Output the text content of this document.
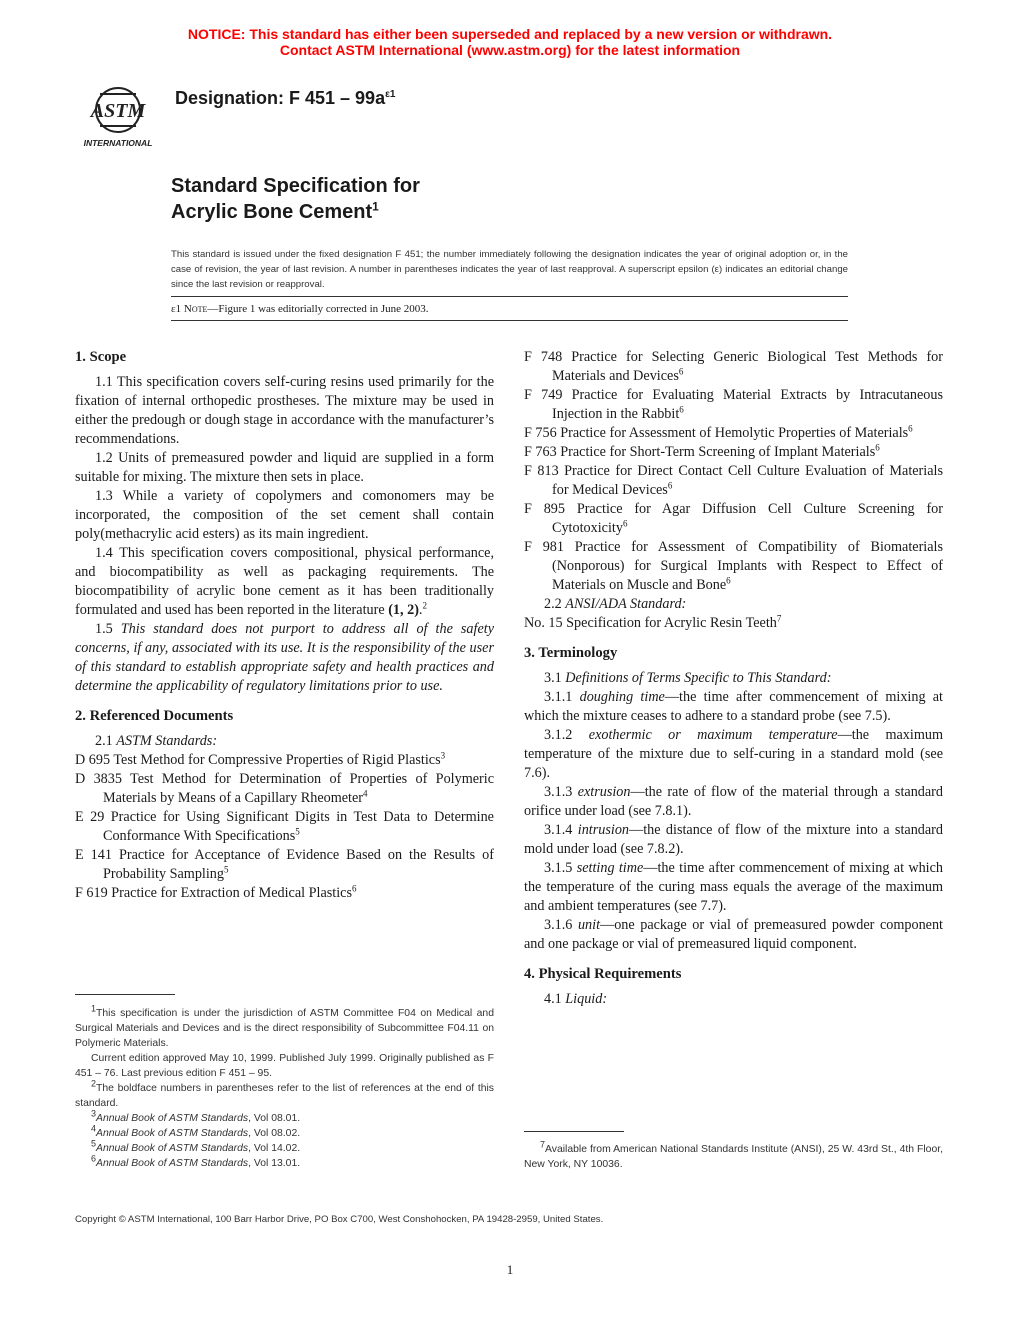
NOTICE: This standard has either been superseded and replaced by a new version or withdrawn.
Contact ASTM International (www.astm.org) for the latest information
ASTM
INTERNATIONAL
Designation: F $451 - 99a^{\varepsilon 1}$
Standard Specification for
Acrylic Bone Cement$^1$
This standard is issued under the fixed designation F 451; the number immediately following the designation indicates the year of original adoption or, in the case of revision, the year of last revision. A number in parentheses indicates the year of last reapproval. A superscript epsilon (ε) indicates an editorial change since the last revision or reapproval.
ε1 Note—Figure 1 was editorially corrected in June 2003.
1. Scope

1.1 This specification covers self-curing resins used primarily for the fixation of internal orthopedic prostheses. The mixture may be used in either the predough or dough stage in accordance with the manufacturer’s recommendations.

1.2 Units of premeasured powder and liquid are supplied in a form suitable for mixing. The mixture then sets in place.

1.3 While a variety of copolymers and comonomers may be incorporated, the composition of the set cement shall contain poly(methacrylic acid esters) as its main ingredient.

1.4 This specification covers compositional, physical performance, and biocompatibility as well as packaging requirements. The biocompatibility of acrylic bone cement as it has been traditionally formulated and used has been reported in the literature (1, 2).$^2$

1.5 This standard does not purport to address all of the safety concerns, if any, associated with its use. It is the responsibility of the user of this standard to establish appropriate safety and health practices and determine the applicability of regulatory limitations prior to use.

2. Referenced Documents

2.1 ASTM Standards:

D 695 Test Method for Compressive Properties of Rigid Plastics$^3$
D 3835 Test Method for Determination of Properties of Polymeric Materials by Means of a Capillary Rheometer$^4$
E 29 Practice for Using Significant Digits in Test Data to Determine Conformance With Specifications$^5$
E 141 Practice for Acceptance of Evidence Based on the Results of Probability Sampling$^5$
F 619 Practice for Extraction of Medical Plastics$^6$
F 748 Practice for Selecting Generic Biological Test Methods for Materials and Devices$^6$
F 749 Practice for Evaluating Material Extracts by Intracutaneous Injection in the Rabbit$^6$
F 756 Practice for Assessment of Hemolytic Properties of Materials$^6$
F 763 Practice for Short-Term Screening of Implant Materials$^6$
F 813 Practice for Direct Contact Cell Culture Evaluation of Materials for Medical Devices$^6$
F 895 Practice for Agar Diffusion Cell Culture Screening for Cytotoxicity$^6$
F 981 Practice for Assessment of Compatibility of Biomaterials (Nonporous) for Surgical Implants with Respect to Effect of Materials on Muscle and Bone$^6$

2.2 ANSI/ADA Standard:

No. 15 Specification for Acrylic Resin Teeth$^7$
3. Terminology

3.1 Definitions of Terms Specific to This Standard:

3.1.1 doughing time—the time after commencement of mixing at which the mixture ceases to adhere to a standard probe (see 7.5).

3.1.2 exothermic or maximum temperature—the maximum temperature of the mixture due to self-curing in a standard mold (see 7.6).

3.1.3 extrusion—the rate of flow of the material through a standard orifice under load (see 7.8.1).

3.1.4 intrusion—the distance of flow of the mixture into a standard mold under load (see 7.8.2).

3.1.5 setting time—the time after commencement of mixing at which the temperature of the curing mass equals the average of the maximum and ambient temperatures (see 7.7).

3.1.6 unit—one package or vial of premeasured powder component and one package or vial of premeasured liquid component.

4. Physical Requirements

4.1 Liquid:

$^1$This specification is under the jurisdiction of ASTM Committee F04 on Medical and Surgical Materials and Devices and is the direct responsibility of Subcommittee F04.11 on Polymeric Materials.

Current edition approved May 10, 1999. Published July 1999. Originally published as F 451 – 76. Last previous edition F 451 – 95.

$^2$The boldface numbers in parentheses refer to the list of references at the end of this standard.

$^3$Annual Book of ASTM Standards, Vol 08.01.

$^4$Annual Book of ASTM Standards, Vol 08.02.

$^5$Annual Book of ASTM Standards, Vol 14.02.

$^6$Annual Book of ASTM Standards, Vol 13.01.

$^7$Available from American National Standards Institute (ANSI), 25 W. 43rd St., 4th Floor, New York, NY 10036.

Copyright © ASTM International, 100 Barr Harbor Drive, PO Box C700, West Conshohocken, PA 19428-2959, United States.
1
